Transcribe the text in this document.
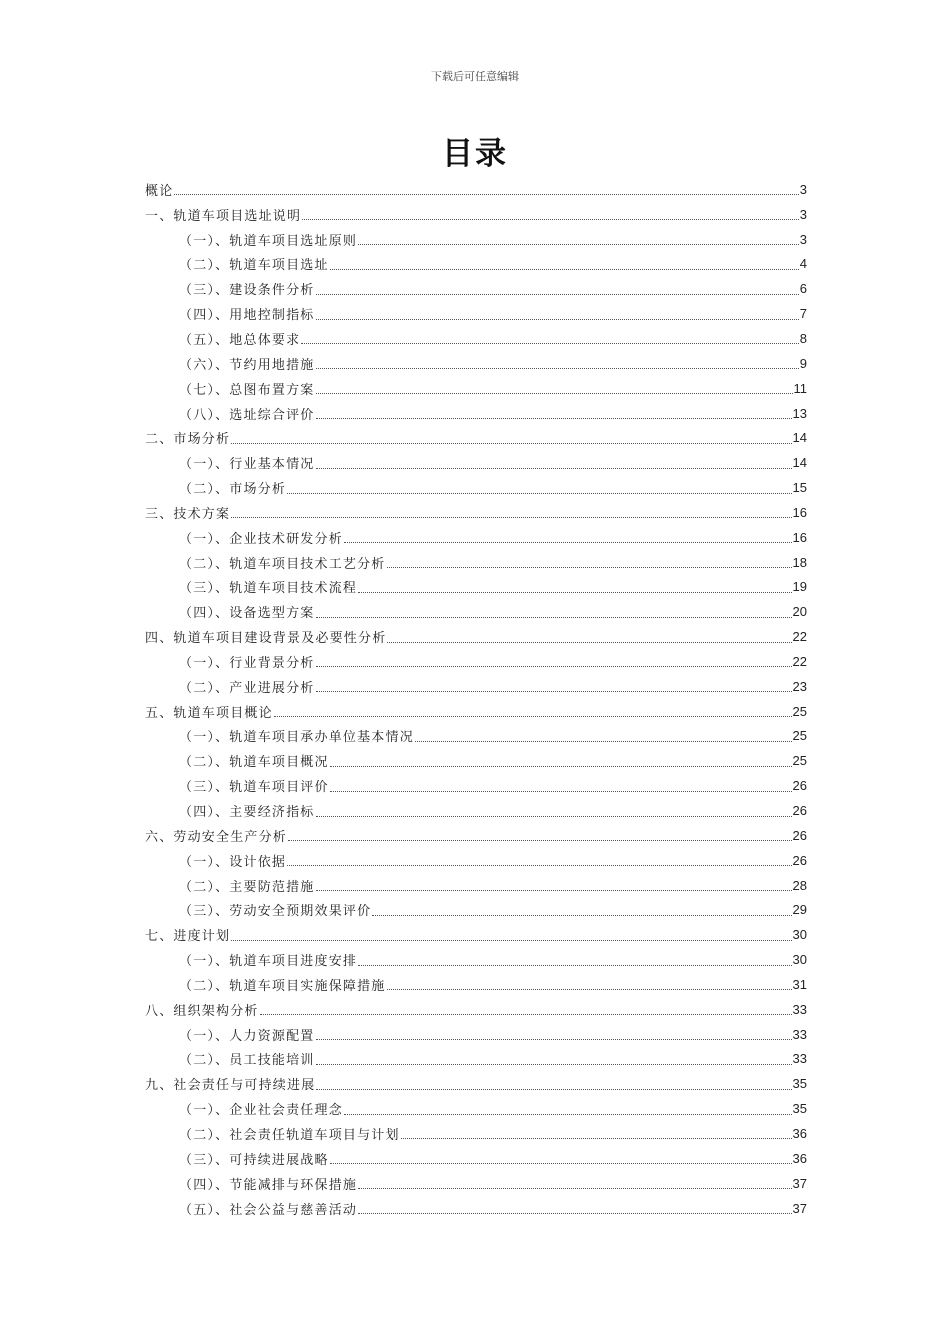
下载后可任意编辑
目录
概论	3
一、轨道车项目选址说明	3
（一）、轨道车项目选址原则	3
（二）、轨道车项目选址	4
（三）、建设条件分析	6
（四）、用地控制指标	7
（五）、地总体要求	8
（六）、节约用地措施	9
（七）、总图布置方案	11
（八）、选址综合评价	13
二、市场分析	14
（一）、行业基本情况	14
（二）、市场分析	15
三、技术方案	16
（一）、企业技术研发分析	16
（二）、轨道车项目技术工艺分析	18
（三）、轨道车项目技术流程	19
（四）、设备选型方案	20
四、轨道车项目建设背景及必要性分析	22
（一）、行业背景分析	22
（二）、产业进展分析	23
五、轨道车项目概论	25
（一）、轨道车项目承办单位基本情况	25
（二）、轨道车项目概况	25
（三）、轨道车项目评价	26
（四）、主要经济指标	26
六、劳动安全生产分析	26
（一）、设计依据	26
（二）、主要防范措施	28
（三）、劳动安全预期效果评价	29
七、进度计划	30
（一）、轨道车项目进度安排	30
（二）、轨道车项目实施保障措施	31
八、组织架构分析	33
（一）、人力资源配置	33
（二）、员工技能培训	33
九、社会责任与可持续进展	35
（一）、企业社会责任理念	35
（二）、社会责任轨道车项目与计划	36
（三）、可持续进展战略	36
（四）、节能减排与环保措施	37
（五）、社会公益与慈善活动	37
